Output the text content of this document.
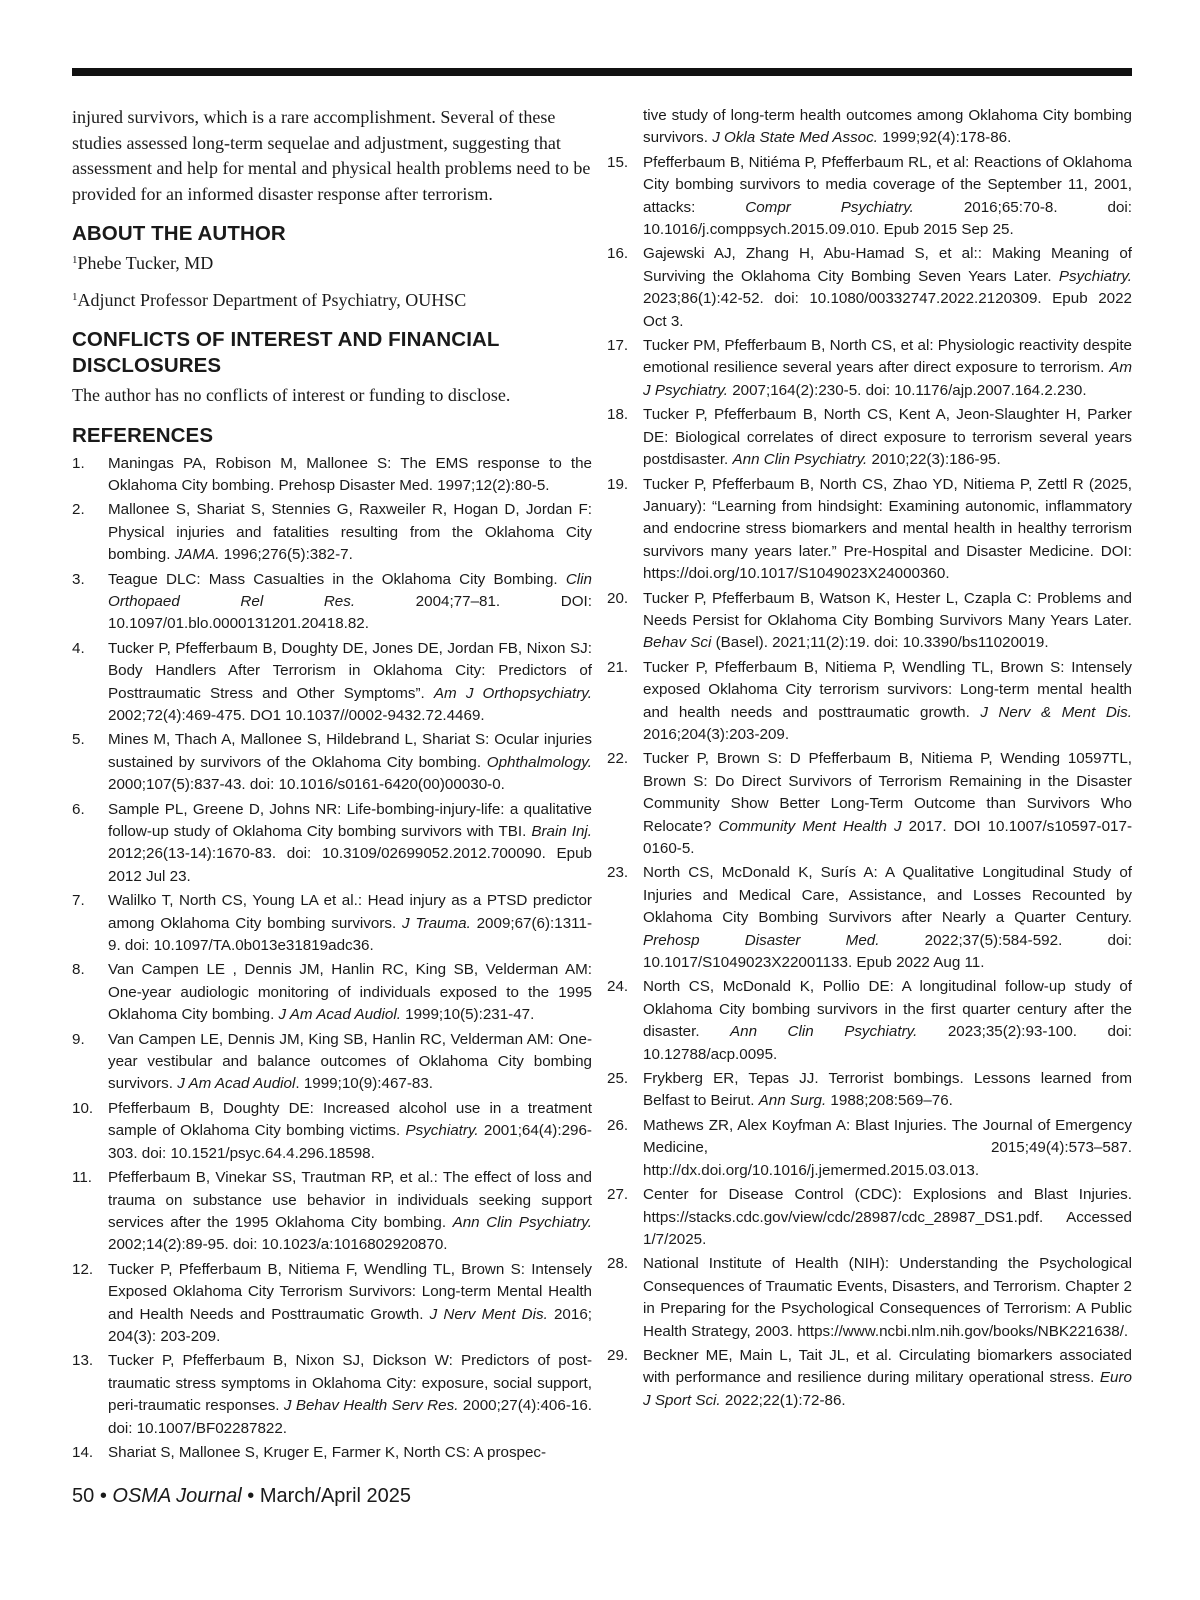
injured survivors, which is a rare accomplishment. Several of these studies assessed long-term sequelae and adjustment, suggesting that assessment and help for mental and physical health problems need to be provided for an informed disaster response after terrorism.

ABOUT THE AUTHOR

$^1$Phebe Tucker, MD

$^1$Adjunct Professor Department of Psychiatry, OUHSC

CONFLICTS OF INTEREST AND FINANCIAL DISCLOSURES

The author has no conflicts of interest or funding to disclose.

REFERENCES
1. Maningas PA, Robison M, Mallonee S: The EMS response to the Oklahoma City bombing. Prehosp Disaster Med. 1997;12(2):80-5.
2. Mallonee S, Shariat S, Stennies G, Raxweiler R, Hogan D, Jordan F: Physical injuries and fatalities resulting from the Oklahoma City bombing. JAMA. 1996;276(5):382-7.
3. Teague DLC: Mass Casualties in the Oklahoma City Bombing. Clin Orthopaed Rel Res. 2004;77–81. DOI: 10.1097/01.blo.0000131201.20418.82.
4. Tucker P, Pfefferbaum B, Doughty DE, Jones DE, Jordan FB, Nixon SJ: Body Handlers After Terrorism in Oklahoma City: Predictors of Posttraumatic Stress and Other Symptoms”. Am J Orthopsychiatry. 2002;72(4):469-475. DO1 10.1037//0002-9432.72.4469.
5. Mines M, Thach A, Mallonee S, Hildebrand L, Shariat S: Ocular injuries sustained by survivors of the Oklahoma City bombing. Ophthalmology. 2000;107(5):837-43. doi: 10.1016/s0161-6420(00)00030-0.
6. Sample PL, Greene D, Johns NR: Life-bombing-injury-life: a qualitative follow-up study of Oklahoma City bombing survivors with TBI. Brain Inj. 2012;26(13-14):1670-83. doi: 10.3109/02699052.2012.700090. Epub 2012 Jul 23.
7. Walilko T, North CS, Young LA et al.: Head injury as a PTSD predictor among Oklahoma City bombing survivors. J Trauma. 2009;67(6):1311-9. doi: 10.1097/TA.0b013e31819adc36.
8. Van Campen LE , Dennis JM, Hanlin RC, King SB, Velderman AM: One-year audiologic monitoring of individuals exposed to the 1995 Oklahoma City bombing. J Am Acad Audiol. 1999;10(5):231-47.
9. Van Campen LE, Dennis JM, King SB, Hanlin RC, Velderman AM: One-year vestibular and balance outcomes of Oklahoma City bombing survivors. J Am Acad Audiol. 1999;10(9):467-83.
10. Pfefferbaum B, Doughty DE: Increased alcohol use in a treatment sample of Oklahoma City bombing victims. Psychiatry. 2001;64(4):296-303. doi: 10.1521/psyc.64.4.296.18598.
11. Pfefferbaum B, Vinekar SS, Trautman RP, et al.: The effect of loss and trauma on substance use behavior in individuals seeking support services after the 1995 Oklahoma City bombing. Ann Clin Psychiatry. 2002;14(2):89-95. doi: 10.1023/a:1016802920870.
12. Tucker P, Pfefferbaum B, Nitiema F, Wendling TL, Brown S: Intensely Exposed Oklahoma City Terrorism Survivors: Long-term Mental Health and Health Needs and Posttraumatic Growth. J Nerv Ment Dis. 2016; 204(3): 203-209.
13. Tucker P, Pfefferbaum B, Nixon SJ, Dickson W: Predictors of post-traumatic stress symptoms in Oklahoma City: exposure, social support, peri-traumatic responses. J Behav Health Serv Res. 2000;27(4):406-16. doi: 10.1007/BF02287822.
14. Shariat S, Mallonee S, Kruger E, Farmer K, North CS: A prospec-

tive study of long-term health outcomes among Oklahoma City bombing survivors. J Okla State Med Assoc. 1999;92(4):178-86.

15. Pfefferbaum B, Nitiéma P, Pfefferbaum RL, et al: Reactions of Oklahoma City bombing survivors to media coverage of the September 11, 2001, attacks: Compr Psychiatry. 2016;65:70-8. doi: 10.1016/j.comppsych.2015.09.010. Epub 2015 Sep 25.
16. Gajewski AJ, Zhang H, Abu-Hamad S, et al:: Making Meaning of Surviving the Oklahoma City Bombing Seven Years Later. Psychiatry. 2023;86(1):42-52. doi: 10.1080/00332747.2022.2120309. Epub 2022 Oct 3.
17. Tucker PM, Pfefferbaum B, North CS, et al: Physiologic reactivity despite emotional resilience several years after direct exposure to terrorism. Am J Psychiatry. 2007;164(2):230-5. doi: 10.1176/ajp.2007.164.2.230.
18. Tucker P, Pfefferbaum B, North CS, Kent A, Jeon-Slaughter H, Parker DE: Biological correlates of direct exposure to terrorism several years postdisaster. Ann Clin Psychiatry. 2010;22(3):186-95.
19. Tucker P, Pfefferbaum B, North CS, Zhao YD, Nitiema P, Zettl R (2025, January): “Learning from hindsight: Examining autonomic, inflammatory and endocrine stress biomarkers and mental health in healthy terrorism survivors many years later.” Pre-Hospital and Disaster Medicine. DOI: https://doi.org/10.1017/S1049023X24000360.
20. Tucker P, Pfefferbaum B, Watson K, Hester L, Czapla C: Problems and Needs Persist for Oklahoma City Bombing Survivors Many Years Later. Behav Sci (Basel). 2021;11(2):19. doi: 10.3390/bs11020019.
21. Tucker P, Pfefferbaum B, Nitiema P, Wendling TL, Brown S: Intensely exposed Oklahoma City terrorism survivors: Long-term mental health and health needs and posttraumatic growth. J Nerv & Ment Dis. 2016;204(3):203-209.
22. Tucker P, Brown S: D Pfefferbaum B, Nitiema P, Wending 10597TL, Brown S: Do Direct Survivors of Terrorism Remaining in the Disaster Community Show Better Long-Term Outcome than Survivors Who Relocate? Community Ment Health J 2017. DOI 10.1007/s10597-017-0160-5.
23. North CS, McDonald K, Surís A: A Qualitative Longitudinal Study of Injuries and Medical Care, Assistance, and Losses Recounted by Oklahoma City Bombing Survivors after Nearly a Quarter Century. Prehosp Disaster Med. 2022;37(5):584-592. doi: 10.1017/S1049023X22001133. Epub 2022 Aug 11.
24. North CS, McDonald K, Pollio DE: A longitudinal follow-up study of Oklahoma City bombing survivors in the first quarter century after the disaster. Ann Clin Psychiatry. 2023;35(2):93-100. doi: 10.12788/acp.0095.
25. Frykberg ER, Tepas JJ. Terrorist bombings. Lessons learned from Belfast to Beirut. Ann Surg. 1988;208:569–76.
26. Mathews ZR, Alex Koyfman A: Blast Injuries. The Journal of Emergency Medicine, 2015;49(4):573–587. http://dx.doi.org/10.1016/j.jemermed.2015.03.013.
27. Center for Disease Control (CDC): Explosions and Blast Injuries. https://stacks.cdc.gov/view/cdc/28987/cdc_28987_DS1.pdf. Accessed 1/7/2025.
28. National Institute of Health (NIH): Understanding the Psychological Consequences of Traumatic Events, Disasters, and Terrorism. Chapter 2 in Preparing for the Psychological Consequences of Terrorism: A Public Health Strategy, 2003. https://www.ncbi.nlm.nih.gov/books/NBK221638/.
29. Beckner ME, Main L, Tait JL, et al. Circulating biomarkers associated with performance and resilience during military operational stress. Euro J Sport Sci. 2022;22(1):72-86.
50 • OSMA Journal • March/April 2025
